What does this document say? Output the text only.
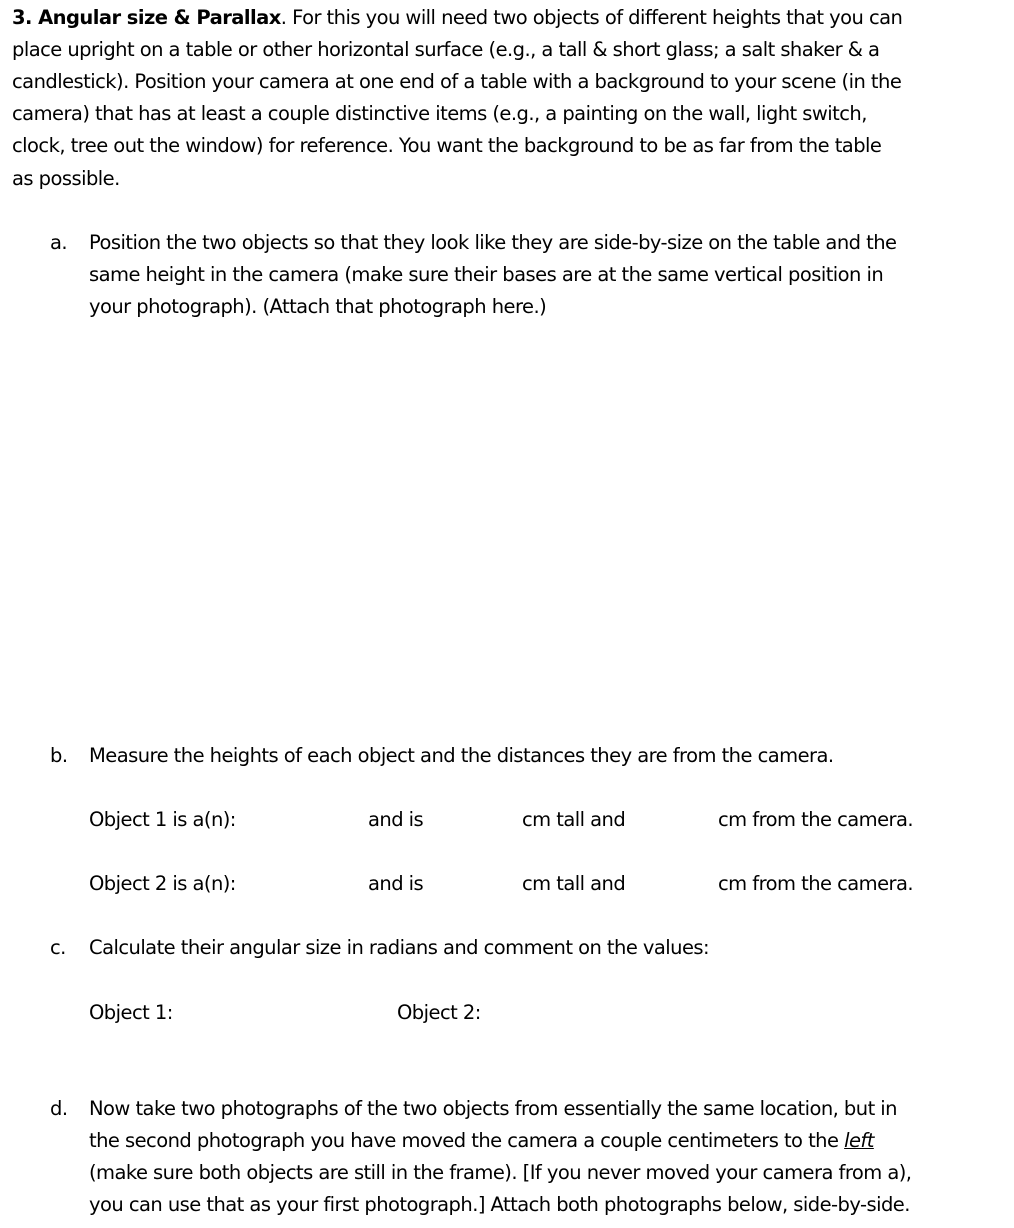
3. Angular size & Parallax. For this you will need two objects of different heights that you can
place upright on a table or other horizontal surface (e.g., a tall & short glass; a salt shaker & a
candlestick). Position your camera at one end of a table with a background to your scene (in the
camera) that has at least a couple distinctive items (e.g., a painting on the wall, light switch,
clock, tree out the window) for reference. You want the background to be as far from the table
as possible.
a. Position the two objects so that they look like they are side-by-size on the table and the
same height in the camera (make sure their bases are at the same vertical position in
your photograph). (Attach that photograph here.)
b. Measure the heights of each object and the distances they are from the camera.
Object 1 is a(n):	and is	cm tall and	cm from the camera.
Object 2 is a(n):	and is	cm tall and	cm from the camera.
c. Calculate their angular size in radians and comment on the values:
Object 1:	Object 2:
d. Now take two photographs of the two objects from essentially the same location, but in
the second photograph you have moved the camera a couple centimeters to the left
(make sure both objects are still in the frame). [If you never moved your camera from a),
you can use that as your first photograph.] Attach both photographs below, side-by-side.
